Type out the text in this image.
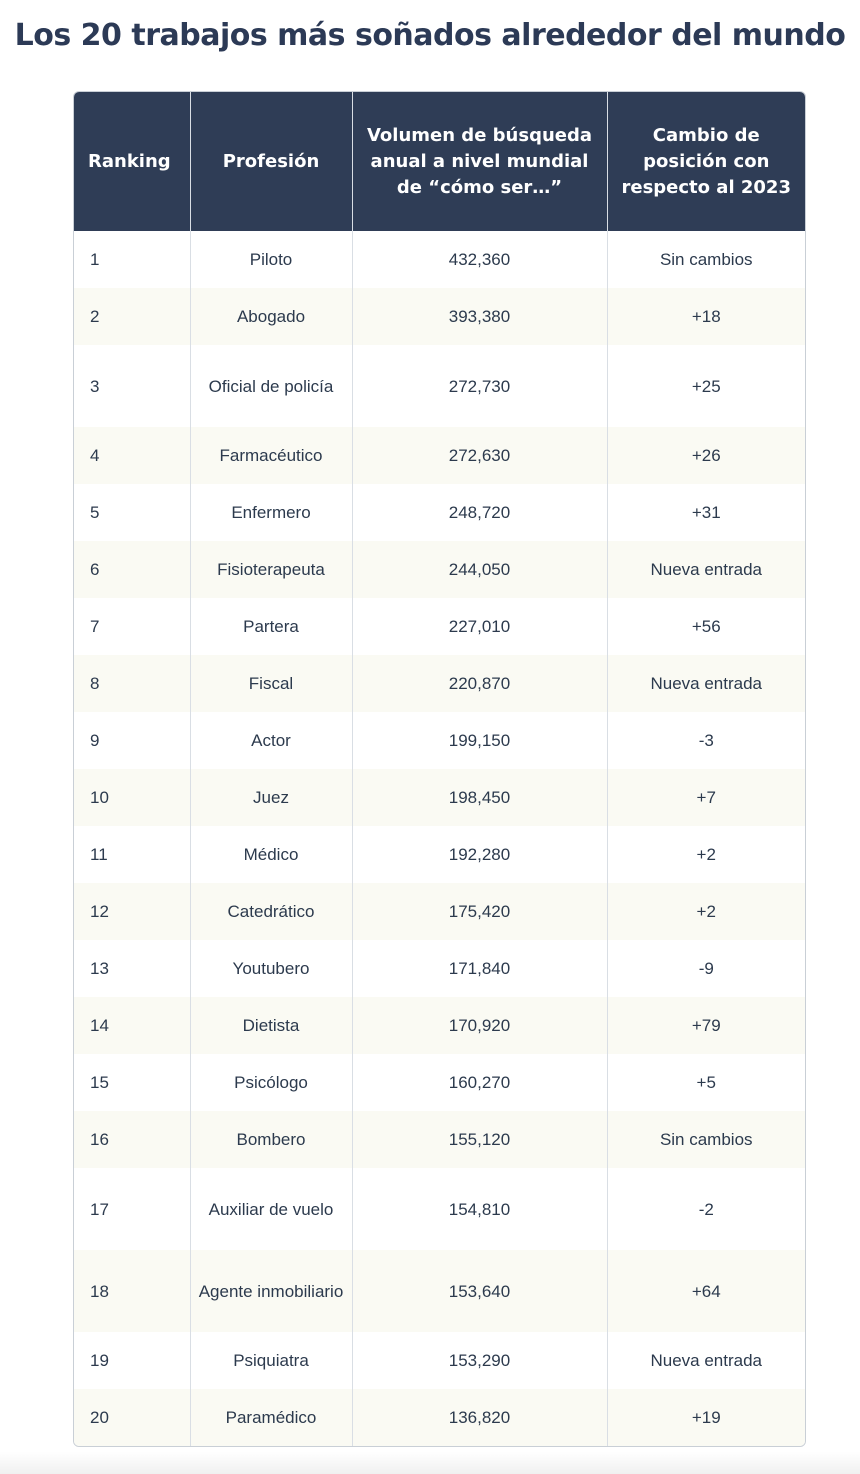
Los 20 trabajos más soñados alrededor del mundo
Ranking	Profesión	Volumen de búsqueda anual a nivel mundial de “cómo ser…”	Cambio de posición con respecto al 2023
1	Piloto	432,360	Sin cambios
2	Abogado	393,380	+18
3	Oficial de policía	272,730	+25
4	Farmacéutico	272,630	+26
5	Enfermero	248,720	+31
6	Fisioterapeuta	244,050	Nueva entrada
7	Partera	227,010	+56
8	Fiscal	220,870	Nueva entrada
9	Actor	199,150	-3
10	Juez	198,450	+7
11	Médico	192,280	+2
12	Catedrático	175,420	+2
13	Youtubero	171,840	-9
14	Dietista	170,920	+79
15	Psicólogo	160,270	+5
16	Bombero	155,120	Sin cambios
17	Auxiliar de vuelo	154,810	-2
18	Agente inmobiliario	153,640	+64
19	Psiquiatra	153,290	Nueva entrada
20	Paramédico	136,820	+19
